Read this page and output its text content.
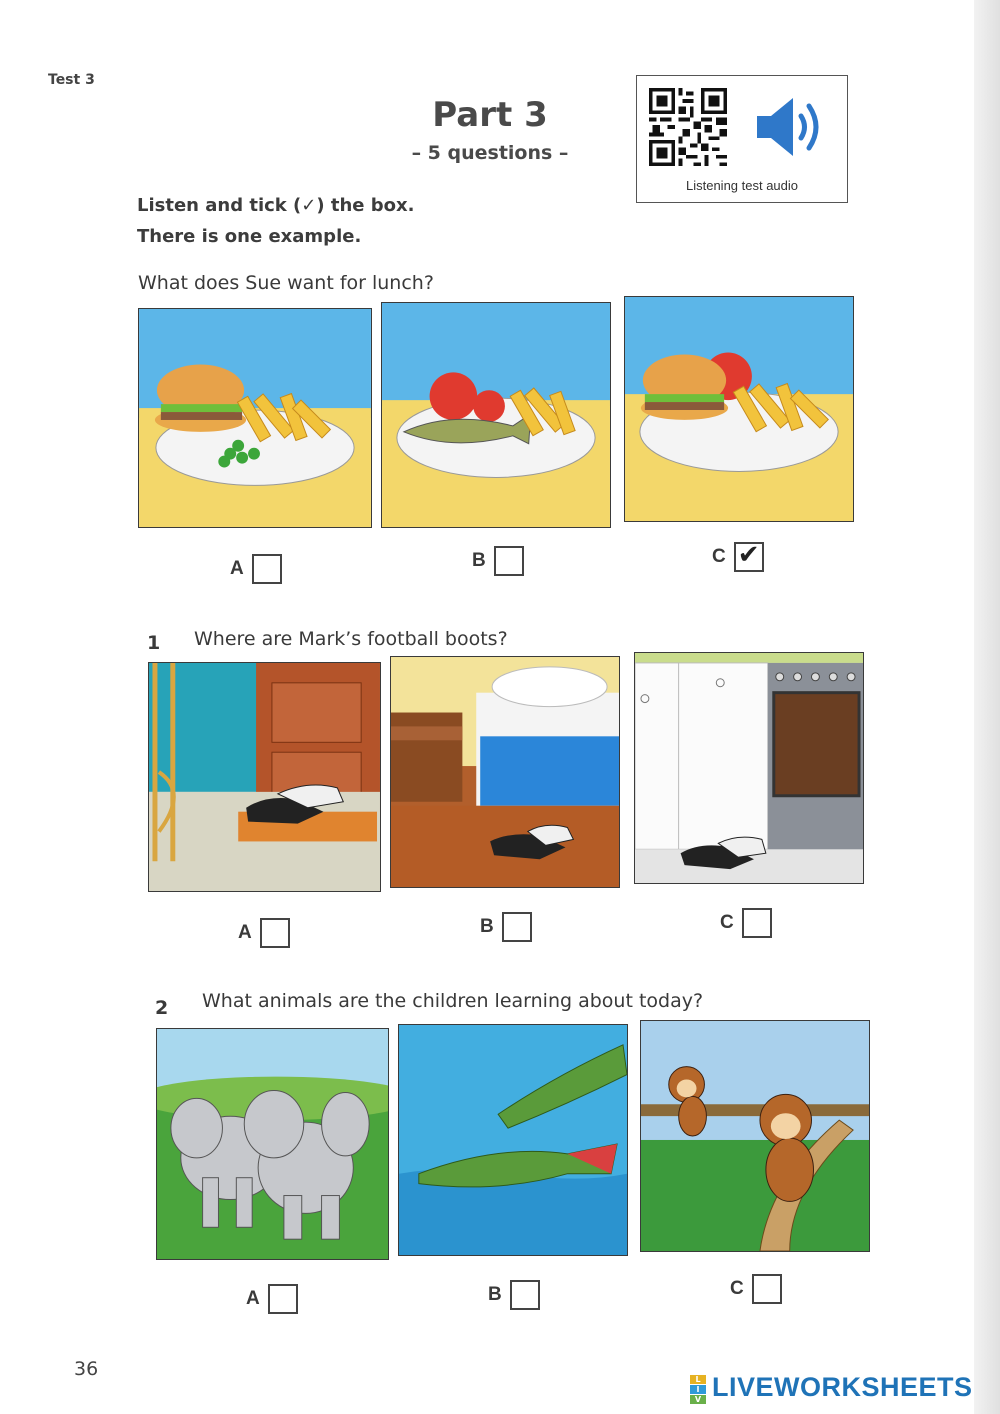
Test 3
Part 3
– 5 questions –
Listening test audio
Listen and tick (✓) the box.
There is one example.
What does Sue want for lunch?
A	B	C ✔
1 Where are Mark’s football boots?
A	B	C
2 What animals are the children learning about today?
A	B	C
36	L
I
V LIVEWORKSHEETS
